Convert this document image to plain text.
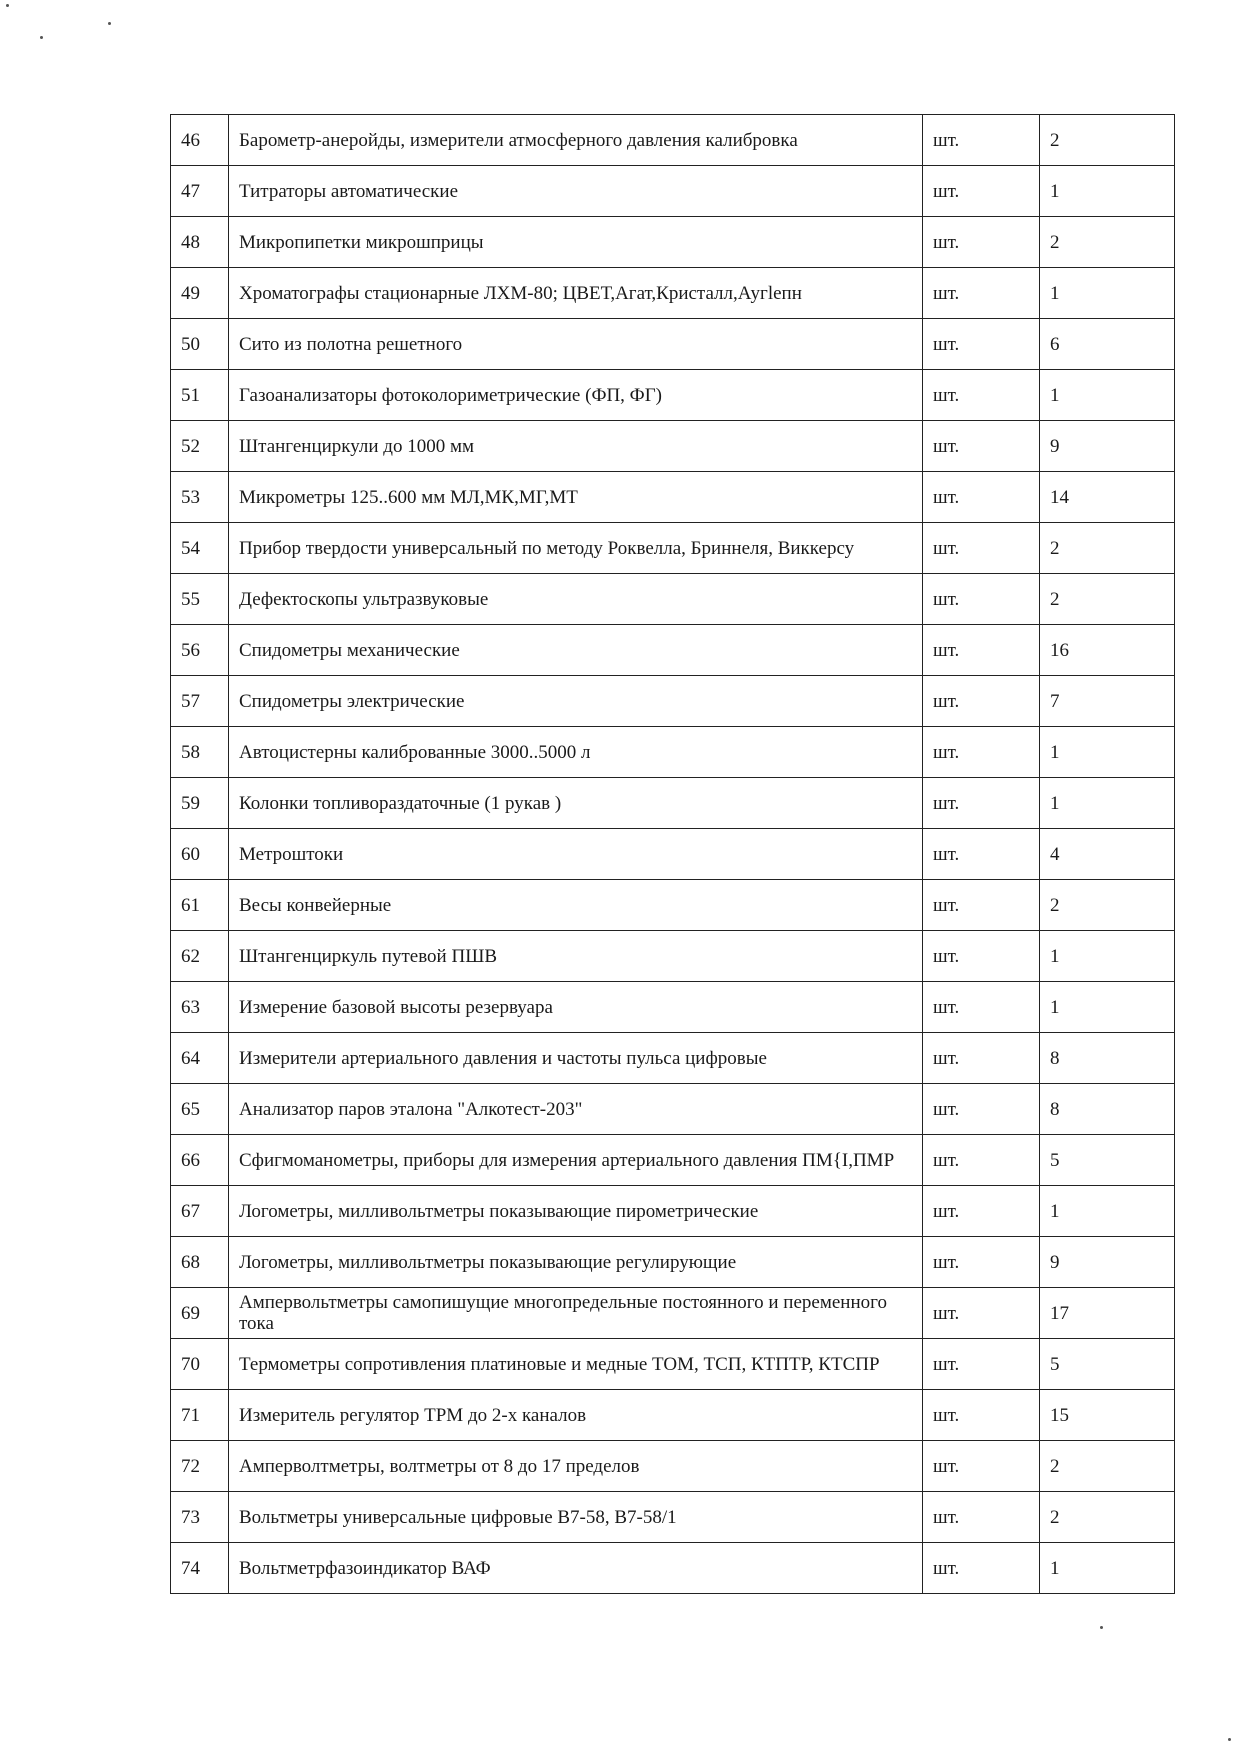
46	Барометр-анеройды, измерители атмосферного давления калибровка	шт.	2
47	Титраторы автоматические	шт.	1
48	Микропипетки микрошприцы	шт.	2
49	Хроматографы стационарные ЛХМ-80; ЦВЕТ,Агат,Кристалл,Аугlепн	шт.	1
50	Сито из полотна решетного	шт.	6
51	Газоанализаторы фотоколориметрические (ФП, ФГ)	шт.	1
52	Штангенциркули до 1000 мм	шт.	9
53	Микрометры 125..600 мм МЛ,МК,МГ,МТ	шт.	14
54	Прибор твердости универсальный по методу Роквелла, Бриннеля, Виккерсу	шт.	2
55	Дефектоскопы ультразвуковые	шт.	2
56	Спидометры механические	шт.	16
57	Спидометры электрические	шт.	7
58	Автоцистерны калиброванные 3000..5000 л	шт.	1
59	Колонки топливораздаточные (1 рукав )	шт.	1
60	Метроштоки	шт.	4
61	Весы конвейерные	шт.	2
62	Штангенциркуль путевой ПШВ	шт.	1
63	Измерение базовой высоты резервуара	шт.	1
64	Измерители артериального давления и частоты пульса цифровые	шт.	8
65	Анализатор паров эталона "Алкотест-203"	шт.	8
66	Сфигмоманометры, приборы для измерения артериального давления ПМ{I,ПМР	шт.	5
67	Логометры, милливольтметры показывающие пирометрические	шт.	1
68	Логометры, милливольтметры показывающие регулирующие	шт.	9
69	Ампервольтметры самопишущие многопредельные постоянного и переменного тока	шт.	17
70	Термометры сопротивления платиновые и медные ТОМ, ТСП, КТПТР, КТСПР	шт.	5
71	Измеритель регулятор ТРМ до 2-х каналов	шт.	15
72	Амперволтметры, волтметры от 8 до 17 пределов	шт.	2
73	Вольтметры универсальные цифровые В7-58, В7-58/1	шт.	2
74	Вольтметрфазоиндикатор ВАФ	шт.	1
